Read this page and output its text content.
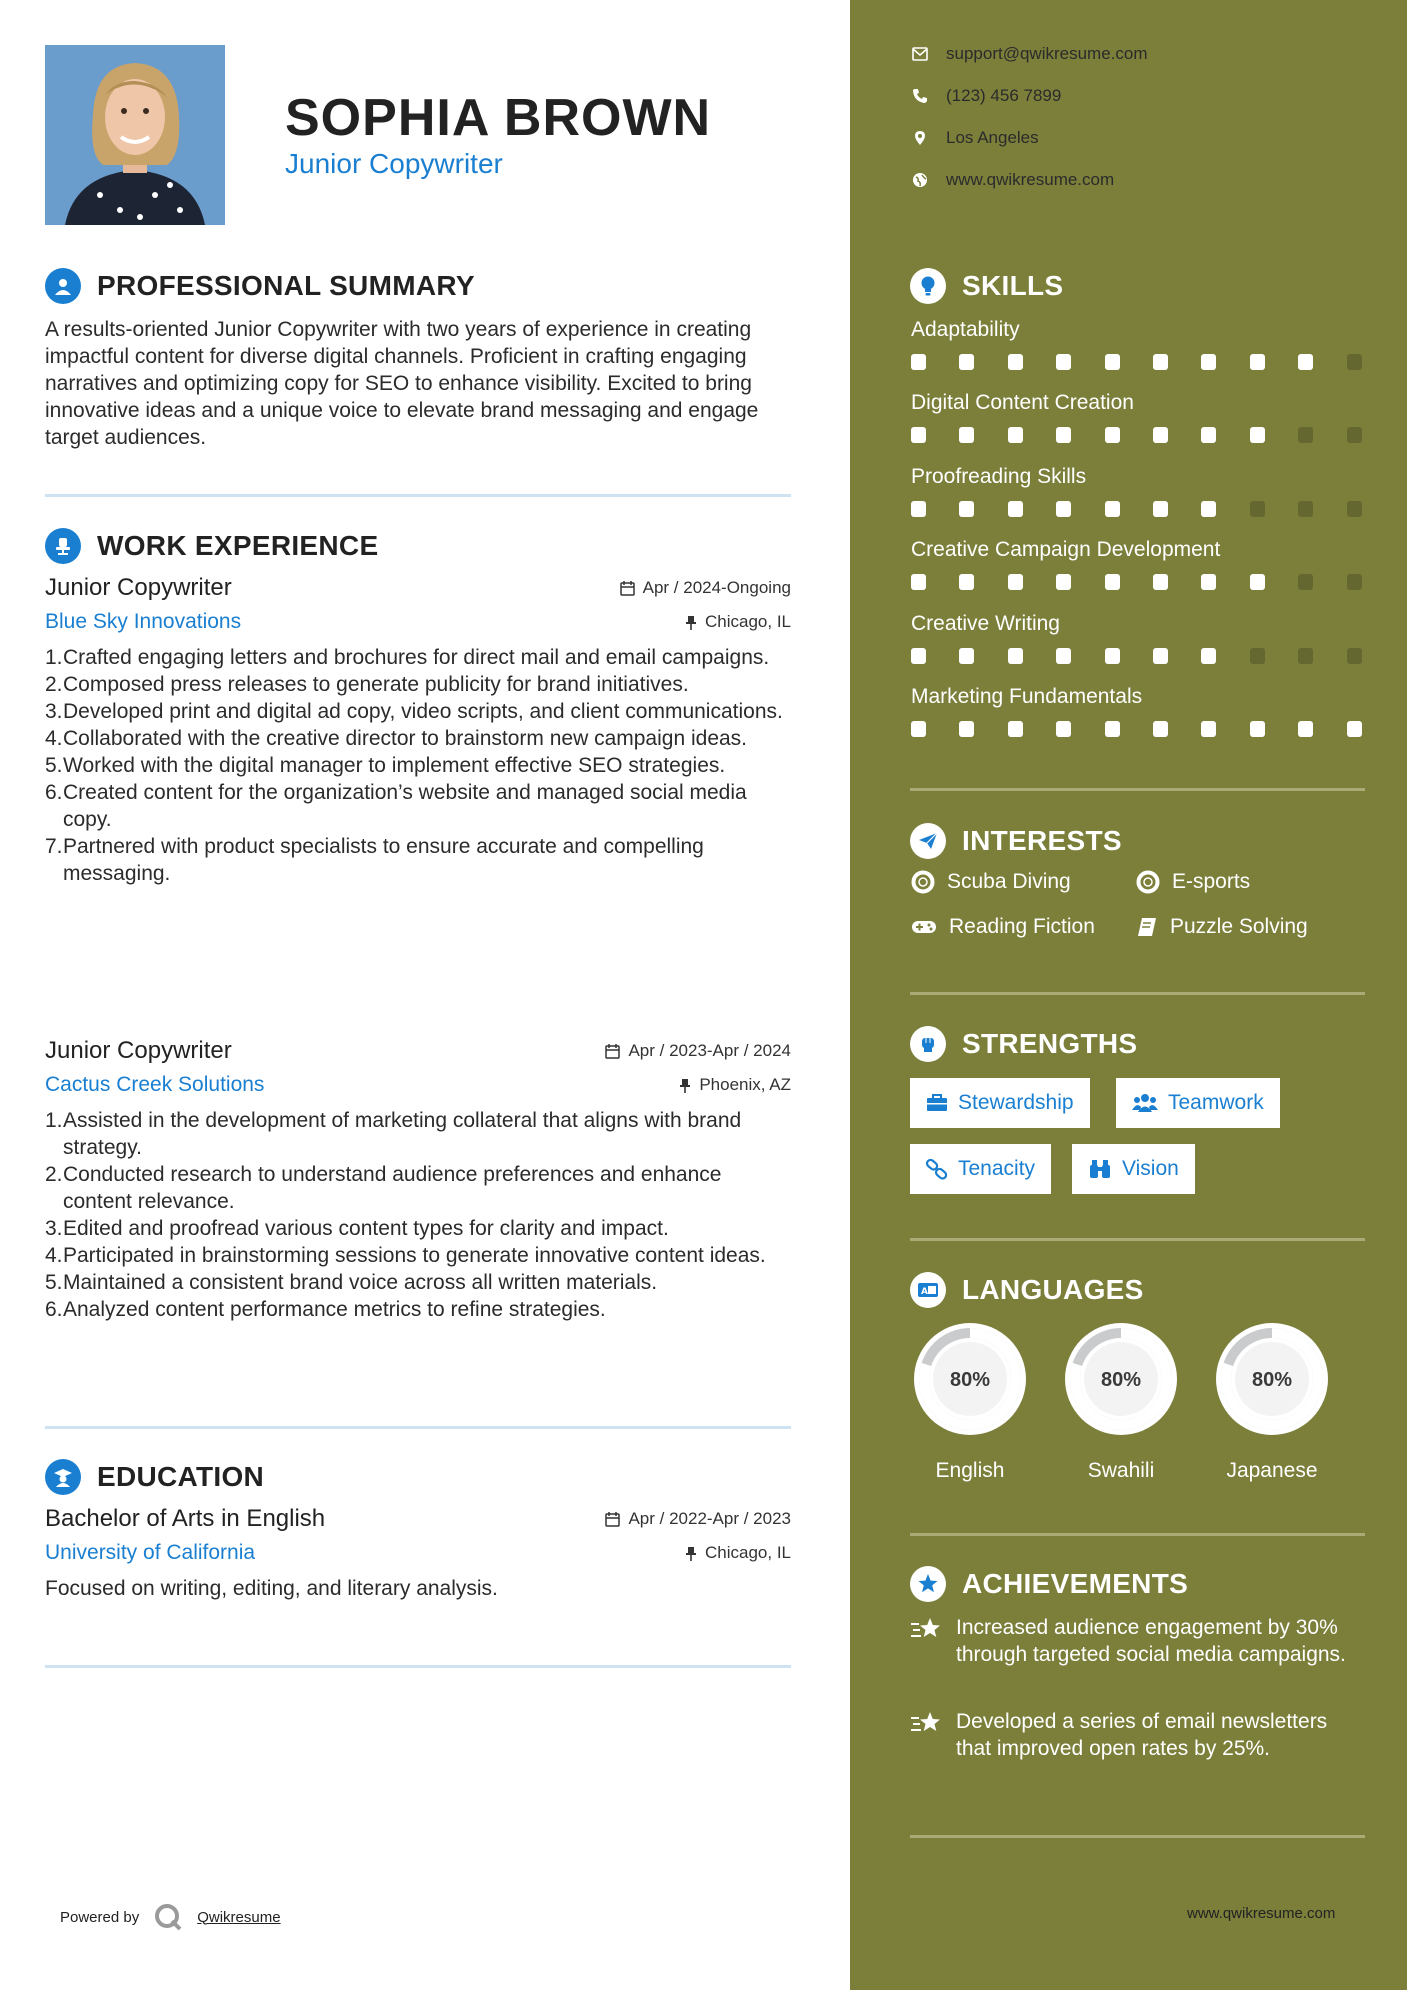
SOPHIA BROWN
Junior Copywriter
PROFESSIONAL SUMMARY
A results-oriented Junior Copywriter with two years of experience in creating impactful content for diverse digital channels. Proficient in crafting engaging narratives and optimizing copy for SEO to enhance visibility. Excited to bring innovative ideas and a unique voice to elevate brand messaging and engage target audiences.
WORK EXPERIENCE
Junior Copywriter	Apr / 2024-Ongoing
Blue Sky Innovations	Chicago, IL
1.Crafted engaging letters and brochures for direct mail and email campaigns.
2.Composed press releases to generate publicity for brand initiatives.
3.Developed print and digital ad copy, video scripts, and client communications.
4.Collaborated with the creative director to brainstorm new campaign ideas.
5.Worked with the digital manager to implement effective SEO strategies.
6.Created content for the organization’s website and managed social media copy.
7.Partnered with product specialists to ensure accurate and compelling messaging.
Junior Copywriter	Apr / 2023-Apr / 2024
Cactus Creek Solutions	Phoenix, AZ
1.Assisted in the development of marketing collateral that aligns with brand strategy.
2.Conducted research to understand audience preferences and enhance content relevance.
3.Edited and proofread various content types for clarity and impact.
4.Participated in brainstorming sessions to generate innovative content ideas.
5.Maintained a consistent brand voice across all written materials.
6.Analyzed content performance metrics to refine strategies.
EDUCATION
Bachelor of Arts in English	Apr / 2022-Apr / 2023
University of California	Chicago, IL
Focused on writing, editing, and literary analysis.
Powered by	Qwikresume
support@qwikresume.com
(123) 456 7899
Los Angeles
www.qwikresume.com
SKILLS
Adaptability
Digital Content Creation
Proofreading Skills
Creative Campaign Development
Creative Writing
Marketing Fundamentals
INTERESTS
Scuba Diving	E-sports
Reading Fiction	Puzzle Solving
STRENGTHS
Stewardship	Teamwork
Tenacity	Vision
A LANGUAGES
80%
English
80%
Swahili
80%
Japanese
ACHIEVEMENTS
Increased audience engagement by 30% through targeted social media campaigns.
Developed a series of email newsletters that improved open rates by 25%.
www.qwikresume.com
